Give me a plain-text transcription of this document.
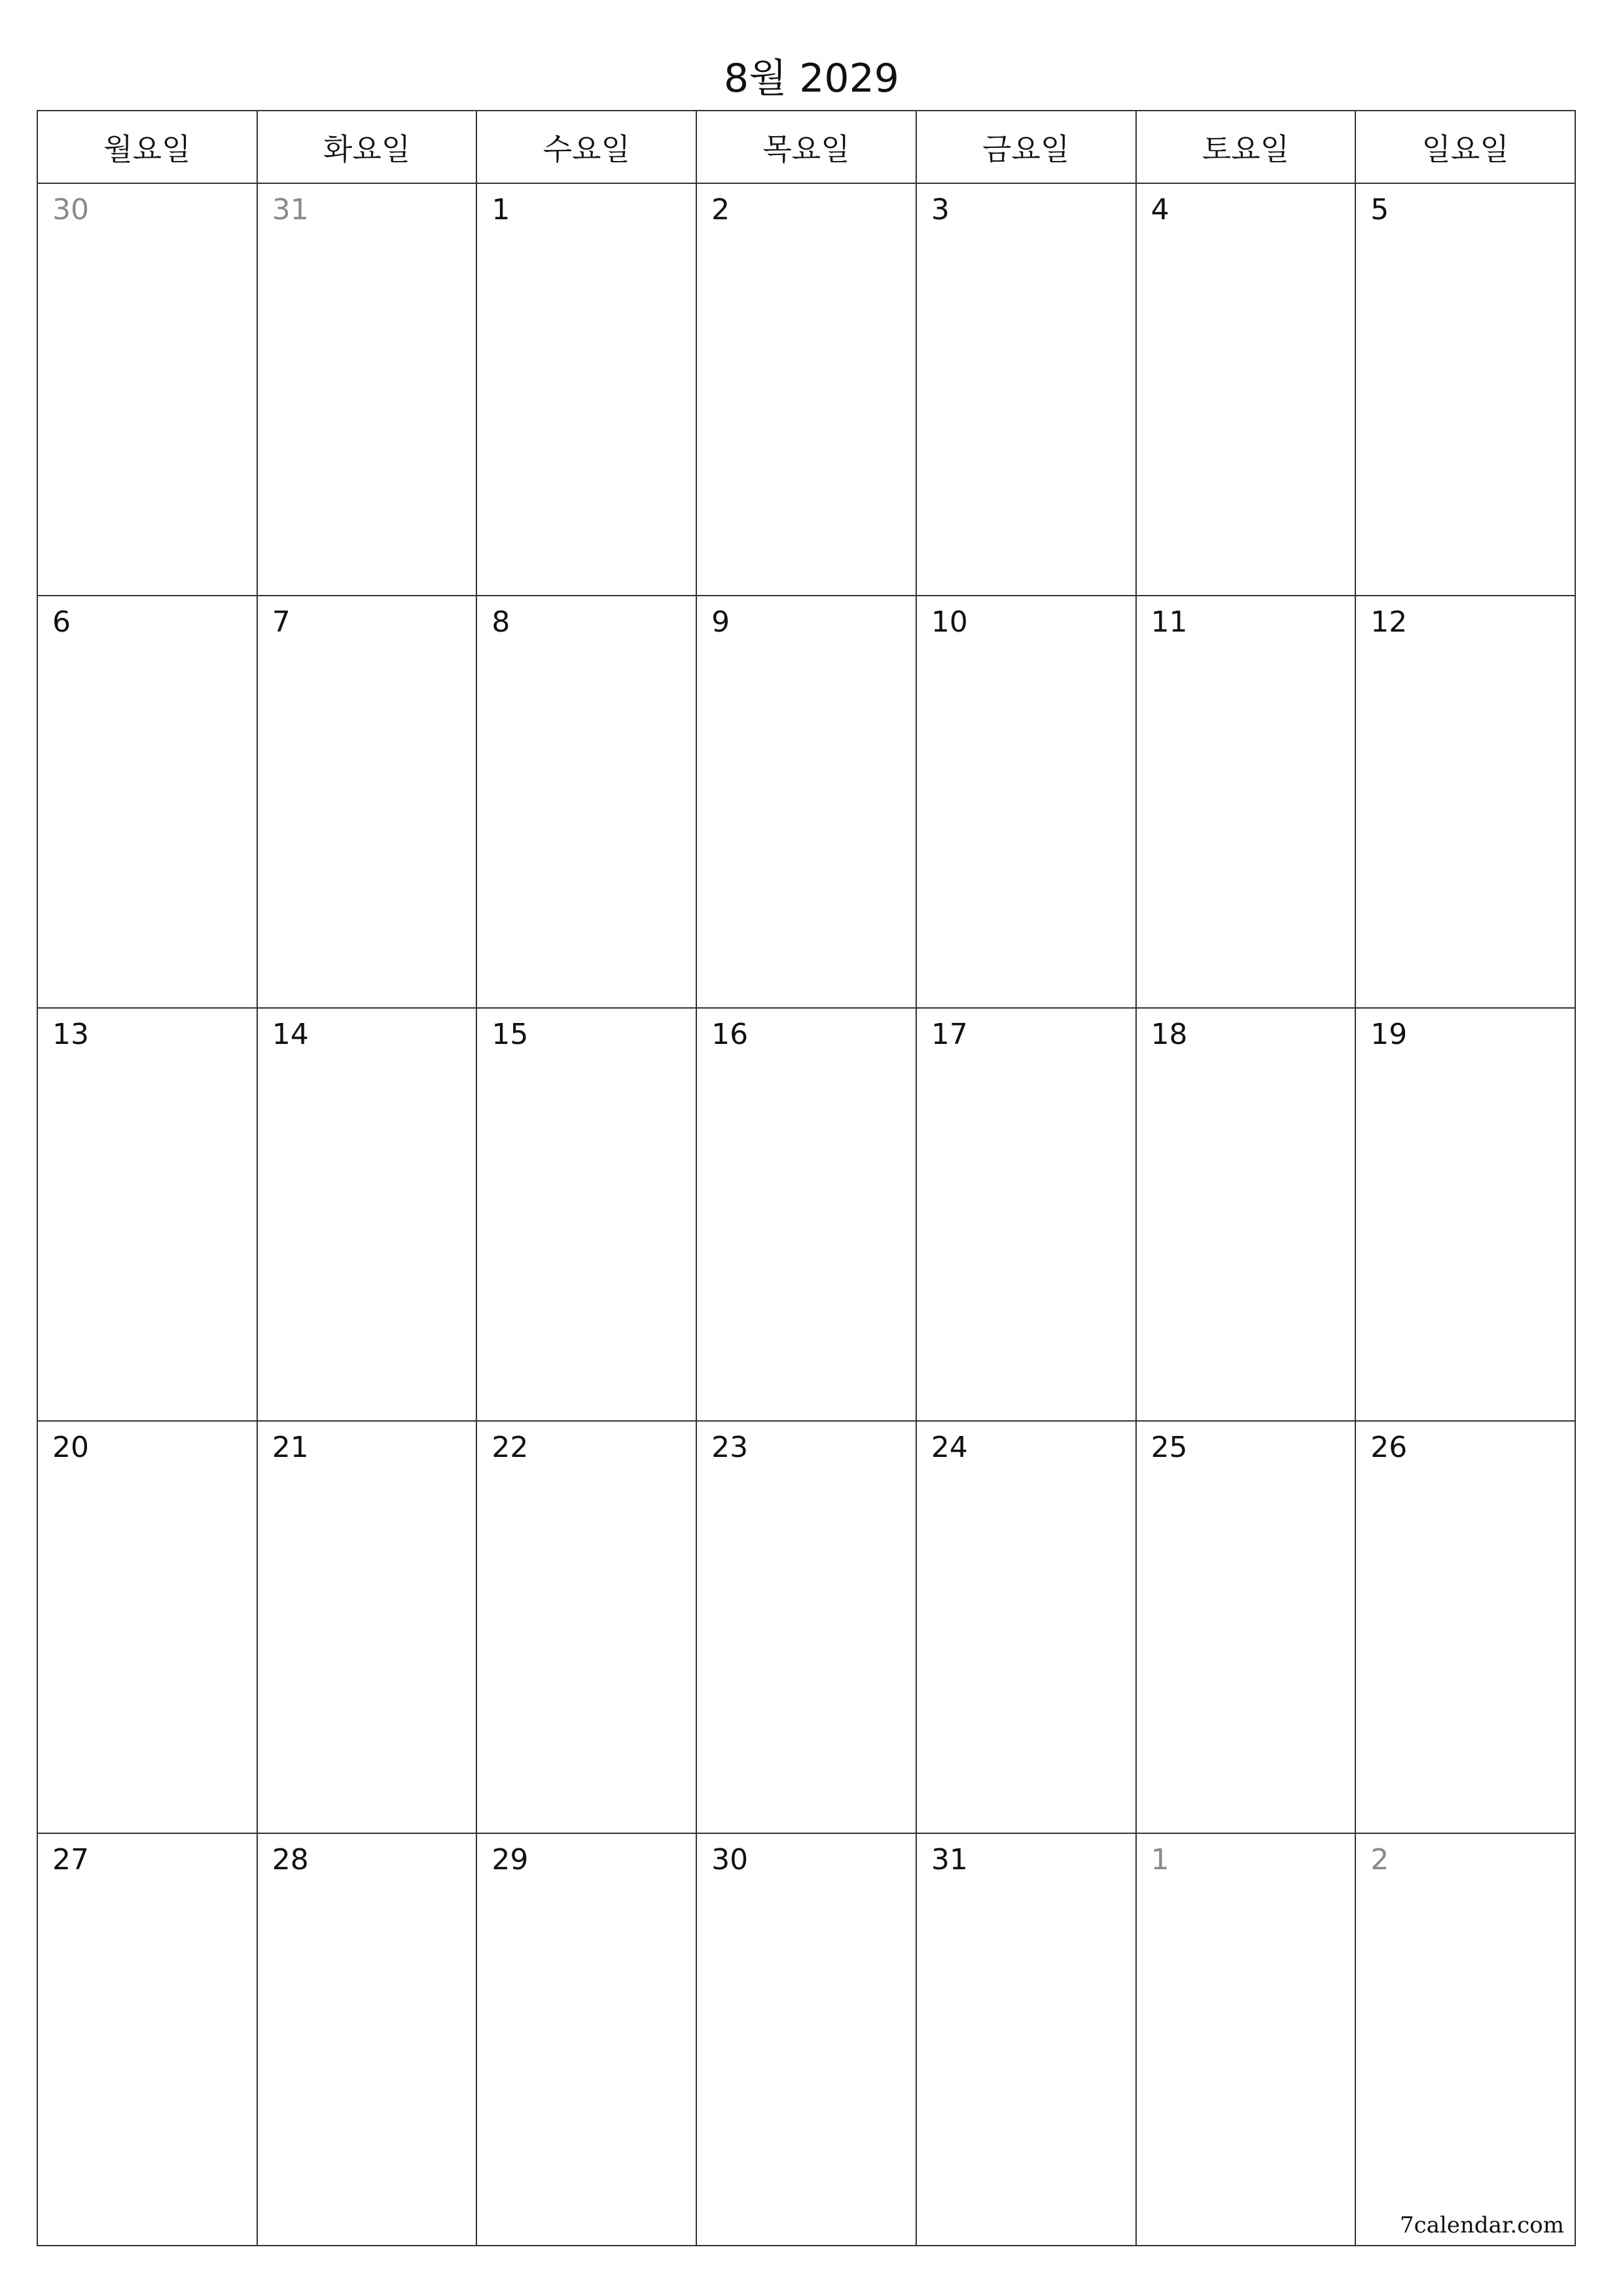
8월 2029
월요일	화요일	수요일	목요일	금요일	토요일	일요일
30	31	1	2	3	4	5
6	7	8	9	10	11	12
13	14	15	16	17	18	19
20	21	22	23	24	25	26
27	28	29	30	31	1	2
7calendar.com
